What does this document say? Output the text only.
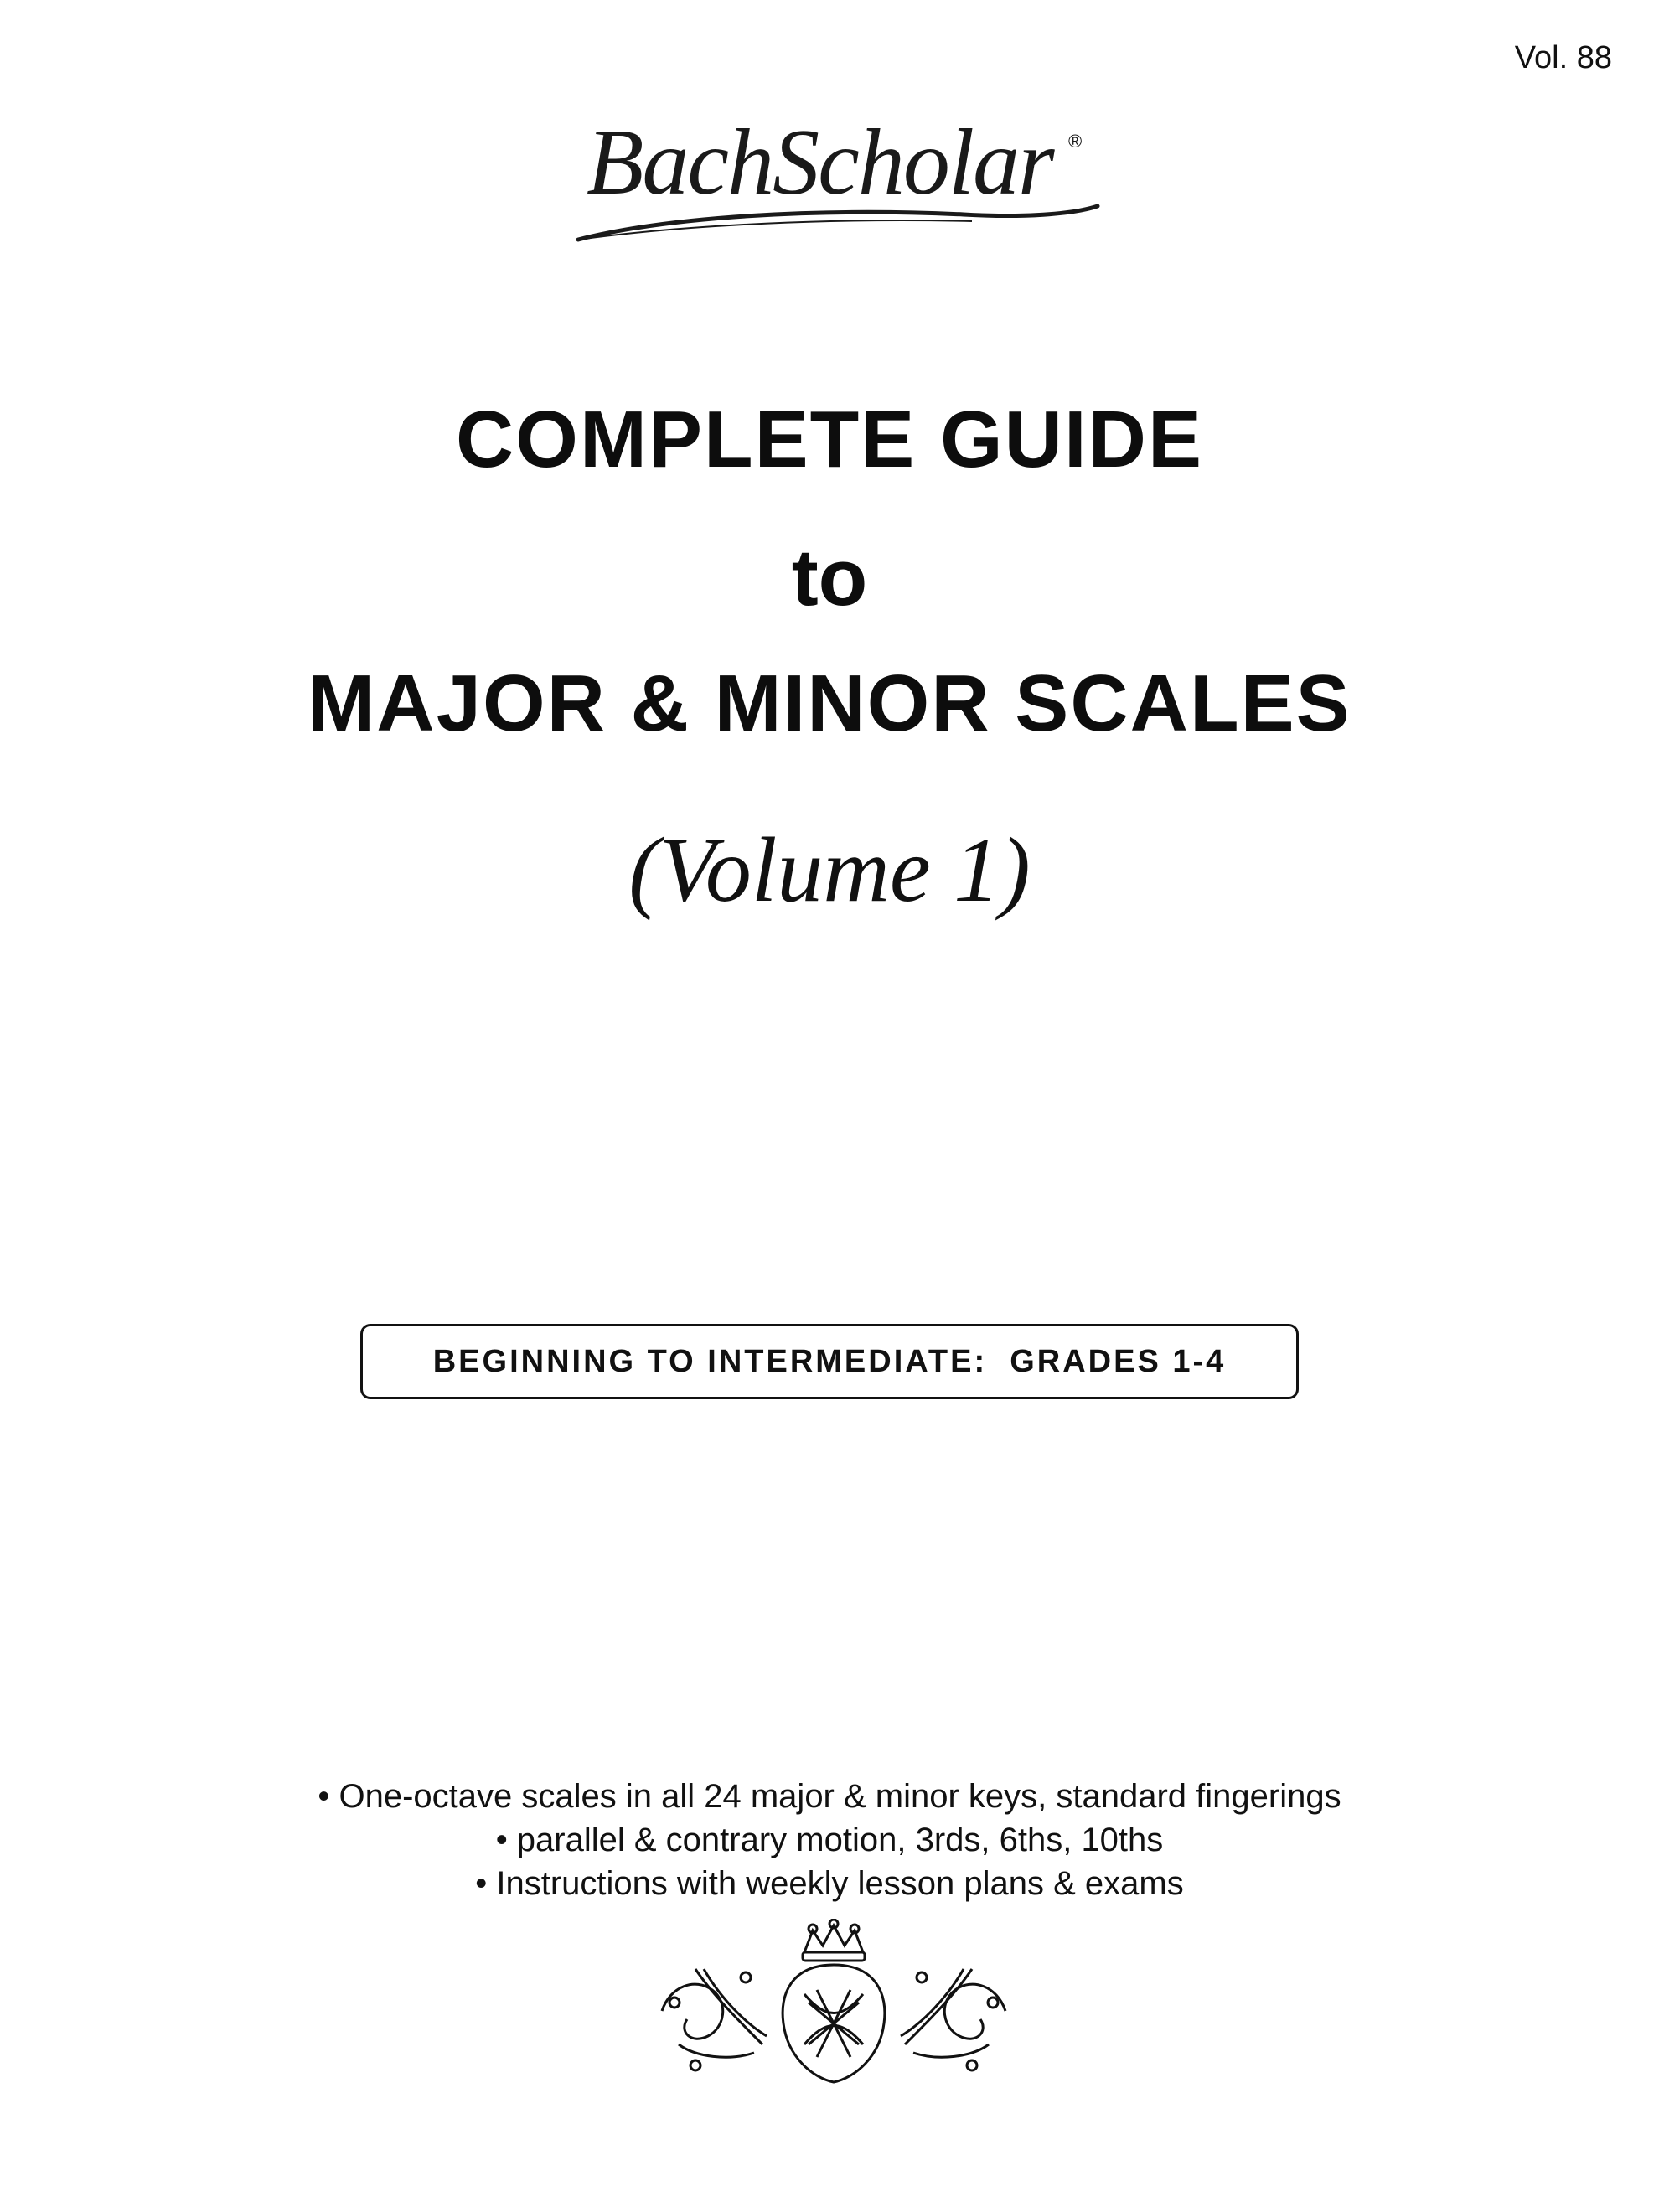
Vol. 88
BachScholar ®
COMPLETE GUIDE
to
MAJOR & MINOR SCALES
(Volume 1)
BEGINNING TO INTERMEDIATE:  GRADES 1-4
• One-octave scales in all 24 major & minor keys, standard fingerings
• parallel & contrary motion, 3rds, 6ths, 10ths
• Instructions with weekly lesson plans & exams
